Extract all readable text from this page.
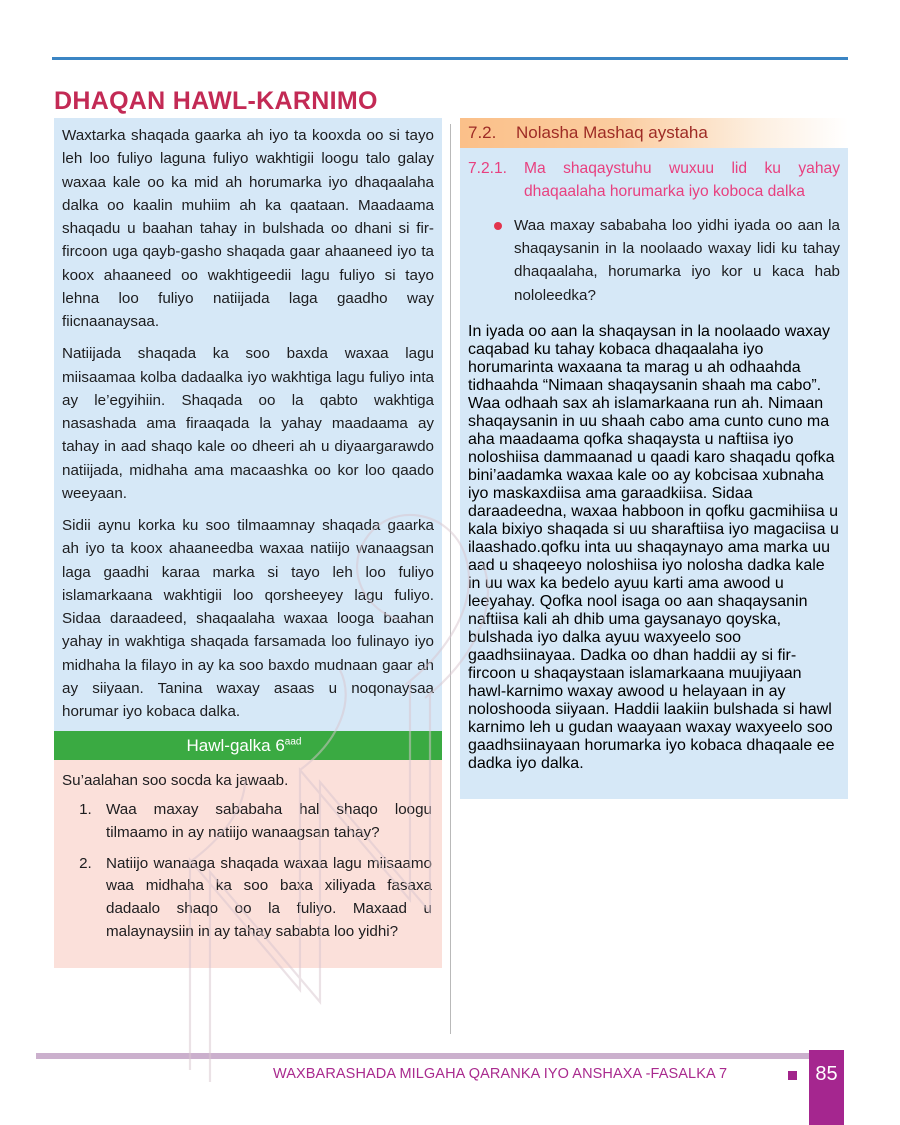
DHAQAN HAWL-KARNIMO

Waxtarka shaqada gaarka ah iyo ta kooxda oo si tayo leh loo fuliyo laguna fuliyo wakhtigii loogu talo galay waxaa kale oo ka mid ah horumarka iyo dhaqaalaha dalka oo kaalin muhiim ah ka qaataan. Maadaama shaqadu u baahan tahay in bulshada oo dhani si fir-fircoon uga qayb-gasho shaqada gaar ahaaneed iyo ta koox ahaaneed oo wakhtigeedii lagu fuliyo si tayo lehna loo fuliyo natiijada laga gaadho way fiicnaanaysaa.

Natiijada shaqada ka soo baxda waxaa lagu miisaamaa kolba dadaalka iyo wakhtiga lagu fuliyo inta ay le’egyihiin. Shaqada oo la qabto wakhtiga nasashada ama firaaqada la yahay maadaama ay tahay in aad shaqo kale oo dheeri ah u diyaargarawdo natiijada, midhaha ama macaashka oo kor loo qaado weeyaan.

Sidii aynu korka ku soo tilmaamnay shaqada gaarka ah iyo ta koox ahaaneedba waxaa natiijo wanaagsan laga gaadhi karaa marka si tayo leh loo fuliyo islamarkaana wakhtigii loo qorsheeyey lagu fuliyo. Sidaa daraadeed, shaqaalaha waxaa looga baahan yahay in wakhtiga shaqada farsamada loo fulinayo iyo midhaha la filayo in ay ka soo baxdo mudnaan gaar ah ay siiyaan. Tanina waxay asaas u noqonaysaa horumar iyo kobaca dalka.

Hawl-galka $6^{aad}$
Su’aalahan soo socda ka jawaab.
1. Waa maxay sababaha hal shaqo loogu tilmaamo in ay natiijo wanaagsan tahay?
2. Natiijo wanaaga shaqada waxaa lagu miisaamo waa midhaha ka soo baxa xiliyada fasaxa dadaalo shaqo oo la fuliyo. Maxaad u malaynaysiin in ay tahay sababta loo yidhi?
7.2.	Nolasha Mashaq aystaha
7.2.1.	Ma shaqaystuhu wuxuu lid ku yahay dhaqaalaha horumarka iyo koboca dalka
Waa maxay sababaha loo yidhi iyada oo aan la shaqaysanin in la noolaado waxay lidi ku tahay dhaqaalaha, horumarka iyo kor u kaca hab nololeedka?

In iyada oo aan la shaqaysan in la noolaado waxay caqabad ku tahay kobaca dhaqaalaha iyo horumarinta waxaana ta marag u ah odhaahda tidhaahda “Nimaan shaqaysanin shaah ma cabo”. Waa odhaah sax ah islamarkaana run ah. Nimaan shaqaysanin in uu shaah cabo ama cunto cuno ma aha maadaama qofka shaqaysta u naftiisa iyo noloshiisa dammaanad u qaadi karo shaqadu qofka bini’aadamka waxaa kale oo ay kobcisaa xubnaha iyo maskaxdiisa ama garaadkiisa. Sidaa daraadeedna, waxaa habboon in qofku gacmihiisa u kala bixiyo shaqada si uu sharaftiisa iyo magaciisa u ilaashado.qofku inta uu shaqaynayo ama marka uu aad u shaqeeyo noloshiisa iyo nolosha dadka kale in uu wax ka bedelo ayuu karti ama awood u leeyahay. Qofka nool isaga oo aan shaqaysanin naftiisa kali ah dhib uma gaysanayo qoyska, bulshada iyo dalka ayuu waxyeelo soo gaadhsiinayaa. Dadka oo dhan haddii ay si fir-fircoon u shaqaystaan islamarkaana muujiyaan hawl-karnimo waxay awood u helayaan in ay noloshooda siiyaan. Haddii laakiin bulshada si hawl karnimo leh u gudan waayaan waxay waxyeelo soo gaadhsiinayaan horumarka iyo kobaca dhaqaale ee dadka iyo dalka.

WAXBARASHADA MILGAHA QARANKA IYO ANSHAXA -FASALKA 7	85
